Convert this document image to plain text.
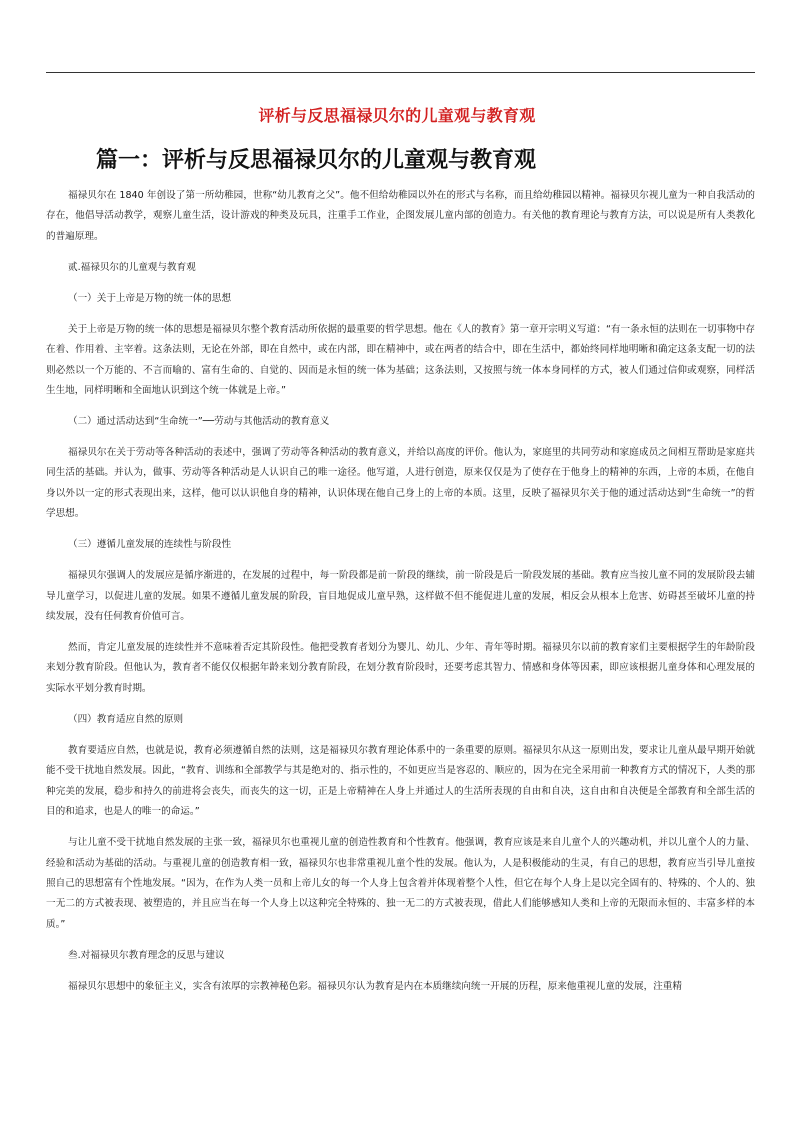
评析与反思福禄贝尔的儿童观与教育观
篇一：评析与反思福禄贝尔的儿童观与教育观

福禄贝尔在 1840 年创设了第一所幼稚园，世称“幼儿教育之父”。他不但给幼稚园以外在的形式与名称，而且给幼稚园以精神。福禄贝尔视儿童为一种自我活动的存在，他倡导活动教学，观察儿童生活，设计游戏的种类及玩具，注重手工作业，企图发展儿童内部的创造力。有关他的教育理论与教育方法，可以说是所有人类教化的普遍原理。

贰.福禄贝尔的儿童观与教育观

（一）关于上帝是万物的统一体的思想

关于上帝是万物的统一体的思想是福禄贝尔整个教育活动所依据的最重要的哲学思想。他在《人的教育》第一章开宗明义写道：“有一条永恒的法则在一切事物中存在着、作用着、主宰着。这条法则，无论在外部，即在自然中，或在内部，即在精神中，或在两者的结合中，即在生活中，都始终同样地明晰和确定这条支配一切的法则必然以一个万能的、不言而喻的、富有生命的、自觉的、因而是永恒的统一体为基础；这条法则，又按照与统一体本身同样的方式，被人们通过信仰或观察，同样活生生地，同样明晰和全面地认识到这个统一体就是上帝。”

（二）通过活动达到“生命统一”──劳动与其他活动的教育意义

福禄贝尔在关于劳动等各种活动的表述中，强调了劳动等各种活动的教育意义，并给以高度的评价。他认为，家庭里的共同劳动和家庭成员之间相互帮助是家庭共同生活的基础。并认为，做事、劳动等各种活动是人认识自己的唯一途径。他写道，人进行创造，原来仅仅是为了使存在于他身上的精神的东西，上帝的本质，在他自身以外以一定的形式表现出来，这样，他可以认识他自身的精神，认识体现在他自己身上的上帝的本质。这里，反映了福禄贝尔关于他的通过活动达到“生命统一”的哲学思想。

（三）遵循儿童发展的连续性与阶段性

福禄贝尔强调人的发展应是循序渐进的，在发展的过程中，每一阶段都是前一阶段的继续，前一阶段是后一阶段发展的基础。教育应当按儿童不同的发展阶段去辅导儿童学习，以促进儿童的发展。如果不遵循儿童发展的阶段，盲目地促成儿童早熟，这样做不但不能促进儿童的发展，相反会从根本上危害、妨碍甚至破坏儿童的持续发展，没有任何教育价值可言。

然而，肯定儿童发展的连续性并不意味着否定其阶段性。他把受教育者划分为婴儿、幼儿、少年、青年等时期。福禄贝尔以前的教育家们主要根据学生的年龄阶段来划分教育阶段。但他认为，教育者不能仅仅根据年龄来划分教育阶段，在划分教育阶段时，还要考虑其智力、情感和身体等因素，即应该根据儿童身体和心理发展的实际水平划分教育时期。

（四）教育适应自然的原则

教育要适应自然，也就是说，教育必须遵循自然的法则，这是福禄贝尔教育理论体系中的一条重要的原则。福禄贝尔从这一原则出发，要求让儿童从最早期开始就能不受干扰地自然发展。因此，“教育、训练和全部教学与其是绝对的、指示性的，不如更应当是容忍的、顺应的，因为在完全采用前一种教育方式的情况下，人类的那种完美的发展，稳步和持久的前进将会丧失，而丧失的这一切，正是上帝精神在人身上并通过人的生活所表现的自由和自决，这自由和自决便是全部教育和全部生活的目的和追求，也是人的唯一的命运。”

与让儿童不受干扰地自然发展的主张一致，福禄贝尔也重视儿童的创造性教育和个性教育。他强调，教育应该是来自儿童个人的兴趣动机，并以儿童个人的力量、经验和活动为基础的活动。与重视儿童的创造教育相一致，福禄贝尔也非常重视儿童个性的发展。他认为，人是积极能动的生灵，有自己的思想，教育应当引导儿童按照自己的思想富有个性地发展。“因为，在作为人类一员和上帝儿女的每一个人身上包含着并体现着整个人性，但它在每个人身上是以完全固有的、特殊的、个人的、独一无二的方式被表现、被塑造的，并且应当在每一个人身上以这种完全特殊的、独一无二的方式被表现，借此人们能够感知人类和上帝的无限而永恒的、丰富多样的本质。”

叁.对福禄贝尔教育理念的反思与建议

福禄贝尔思想中的象征主义，实含有浓厚的宗教神秘色彩。福禄贝尔认为教育是内在本质继续向统一开展的历程，原来他重视儿童的发展，注重精
